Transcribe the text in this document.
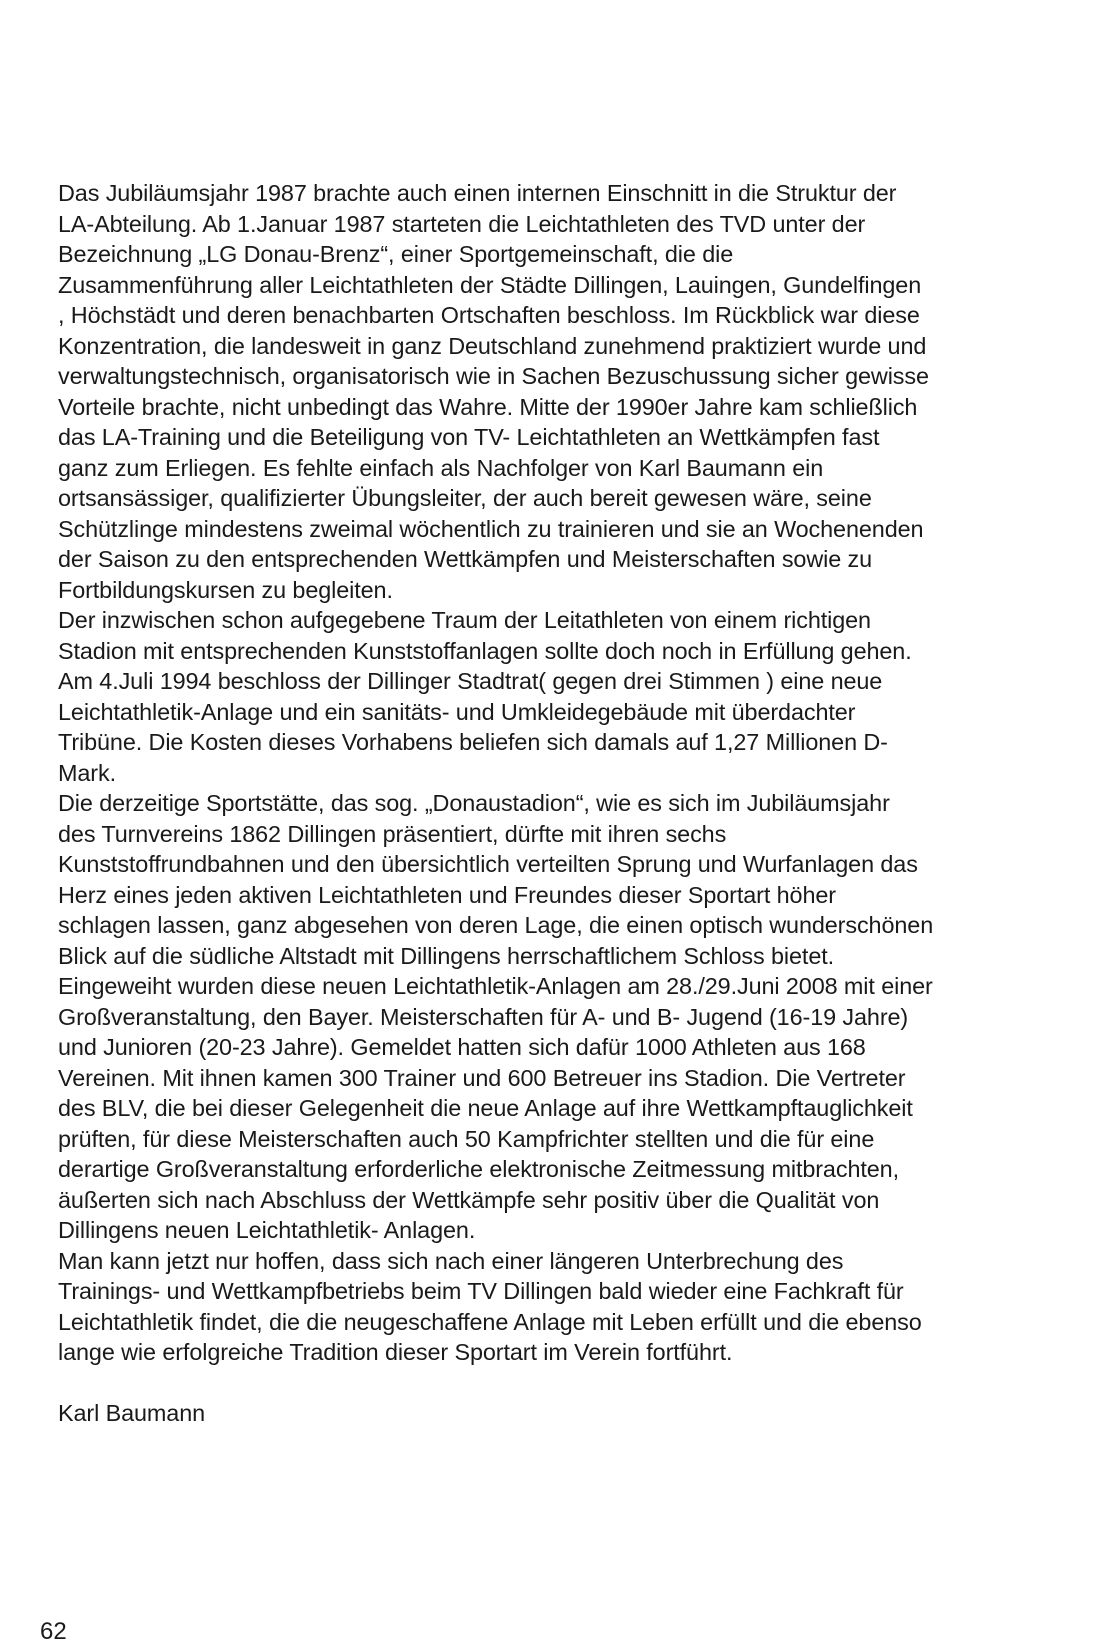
Das Jubiläumsjahr 1987 brachte auch einen internen Einschnitt in die Struktur der
LA-Abteilung. Ab 1.Januar 1987 starteten die Leichtathleten des TVD unter der
Bezeichnung „LG Donau-Brenz“, einer Sportgemeinschaft, die die
Zusammenführung aller Leichtathleten der Städte Dillingen, Lauingen, Gundelfingen
, Höchstädt und deren benachbarten Ortschaften beschloss. Im Rückblick war diese
Konzentration, die landesweit in ganz Deutschland zunehmend praktiziert wurde und
verwaltungstechnisch, organisatorisch wie in Sachen Bezuschussung sicher gewisse
Vorteile brachte, nicht unbedingt das Wahre. Mitte der 1990er Jahre kam schließlich
das LA-Training und die Beteiligung von TV- Leichtathleten an Wettkämpfen fast
ganz zum Erliegen. Es fehlte einfach als Nachfolger von Karl Baumann ein
ortsansässiger, qualifizierter Übungsleiter, der auch bereit gewesen wäre, seine
Schützlinge mindestens zweimal wöchentlich zu trainieren und sie an Wochenenden
der Saison zu den entsprechenden Wettkämpfen und Meisterschaften sowie zu
Fortbildungskursen zu begleiten.
Der inzwischen schon aufgegebene Traum der Leitathleten von einem richtigen
Stadion mit entsprechenden Kunststoffanlagen sollte doch noch in Erfüllung gehen.
Am 4.Juli 1994 beschloss der Dillinger Stadtrat( gegen drei Stimmen ) eine neue
Leichtathletik-Anlage und ein sanitäts- und Umkleidegebäude mit überdachter
Tribüne. Die Kosten dieses Vorhabens beliefen sich damals auf 1,27 Millionen D-
Mark.
Die derzeitige Sportstätte, das sog. „Donaustadion“, wie es sich im Jubiläumsjahr
des Turnvereins 1862 Dillingen präsentiert, dürfte mit ihren sechs
Kunststoffrundbahnen und den übersichtlich verteilten Sprung und Wurfanlagen das
Herz eines jeden aktiven Leichtathleten und Freundes dieser Sportart höher
schlagen lassen, ganz abgesehen von deren Lage, die einen optisch wunderschönen
Blick auf die südliche Altstadt mit Dillingens herrschaftlichem Schloss bietet.
Eingeweiht wurden diese neuen Leichtathletik-Anlagen am 28./29.Juni 2008 mit einer
Großveranstaltung, den Bayer. Meisterschaften für A- und B- Jugend (16-19 Jahre)
und Junioren (20-23 Jahre). Gemeldet hatten sich dafür 1000 Athleten aus 168
Vereinen. Mit ihnen kamen 300 Trainer und 600 Betreuer ins Stadion. Die Vertreter
des BLV, die bei dieser Gelegenheit die neue Anlage auf ihre Wettkampftauglichkeit
prüften, für diese Meisterschaften auch 50 Kampfrichter stellten und die für eine
derartige Großveranstaltung erforderliche elektronische Zeitmessung mitbrachten,
äußerten sich nach Abschluss der Wettkämpfe sehr positiv über die Qualität von
Dillingens neuen Leichtathletik- Anlagen.
Man kann jetzt nur hoffen, dass sich nach einer längeren Unterbrechung des
Trainings- und Wettkampfbetriebs beim TV Dillingen bald wieder eine Fachkraft für
Leichtathletik findet, die die neugeschaffene Anlage mit Leben erfüllt und die ebenso
lange wie erfolgreiche Tradition dieser Sportart im Verein fortführt.
Karl Baumann
62
